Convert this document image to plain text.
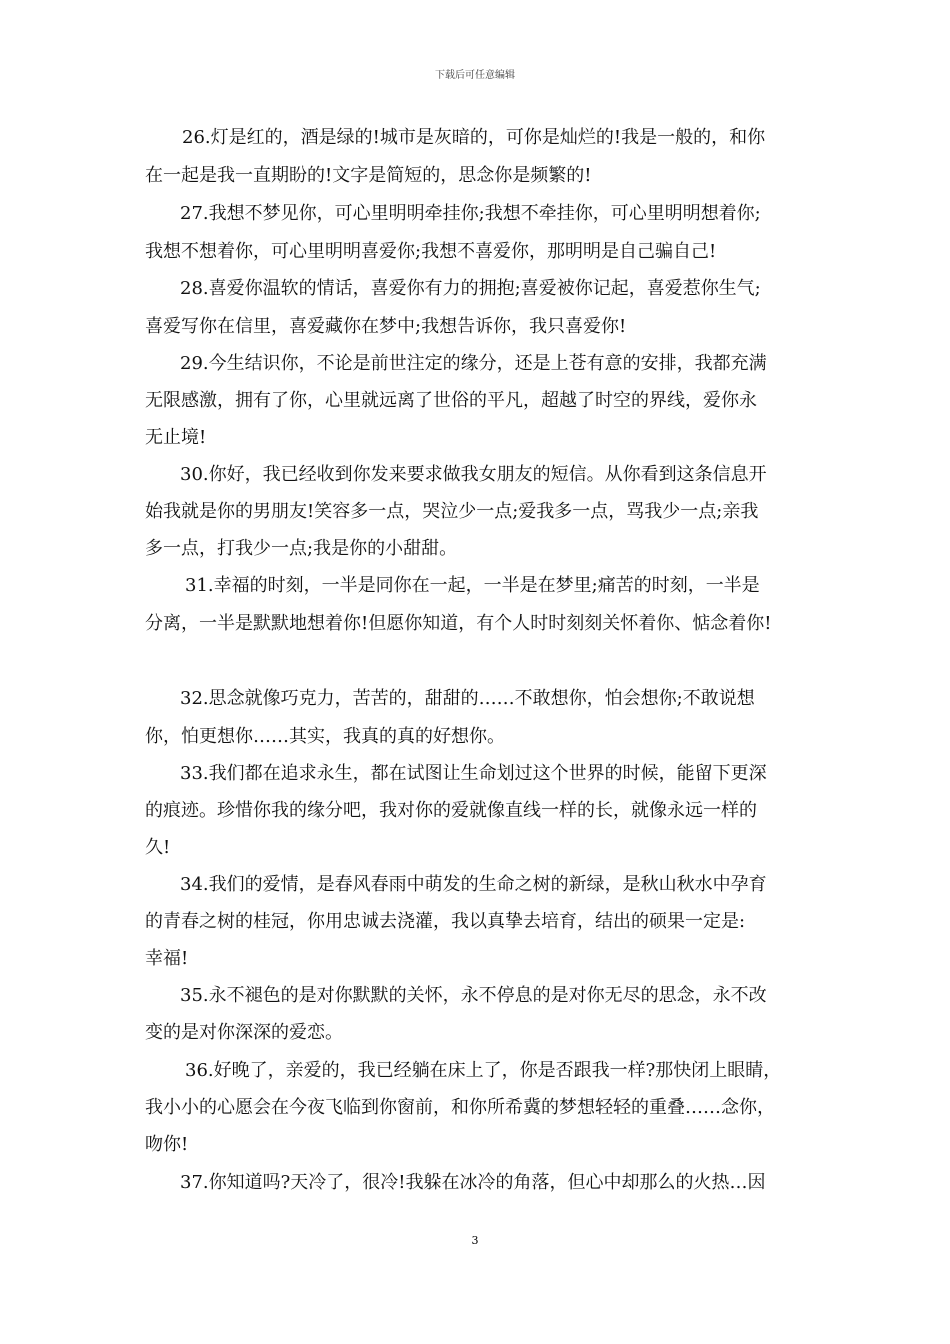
下载后可任意编辑
26.灯是红的，酒是绿的!城市是灰暗的，可你是灿烂的!我是一般的，和你
在一起是我一直期盼的!文字是简短的，思念你是频繁的!
27.我想不梦见你，可心里明明牵挂你;我想不牵挂你，可心里明明想着你;
我想不想着你，可心里明明喜爱你;我想不喜爱你，那明明是自己骗自己!
28.喜爱你温软的情话，喜爱你有力的拥抱;喜爱被你记起，喜爱惹你生气;
喜爱写你在信里，喜爱藏你在梦中;我想告诉你，我只喜爱你!
29.今生结识你，不论是前世注定的缘分，还是上苍有意的安排，我都充满
无限感激，拥有了你，心里就远离了世俗的平凡，超越了时空的界线，爱你永
无止境!
30.你好，我已经收到你发来要求做我女朋友的短信。从你看到这条信息开
始我就是你的男朋友!笑容多一点，哭泣少一点;爱我多一点，骂我少一点;亲我
多一点，打我少一点;我是你的小甜甜。
31.幸福的时刻，一半是同你在一起，一半是在梦里;痛苦的时刻，一半是
分离，一半是默默地想着你!但愿你知道，有个人时时刻刻关怀着你、惦念着你!
32.思念就像巧克力，苦苦的，甜甜的……不敢想你，怕会想你;不敢说想
你，怕更想你……其实，我真的真的好想你。
33.我们都在追求永生，都在试图让生命划过这个世界的时候，能留下更深
的痕迹。珍惜你我的缘分吧，我对你的爱就像直线一样的长，就像永远一样的
久!
34.我们的爱情，是春风春雨中萌发的生命之树的新绿，是秋山秋水中孕育
的青春之树的桂冠，你用忠诚去浇灌，我以真挚去培育，结出的硕果一定是:
幸福!
35.永不褪色的是对你默默的关怀，永不停息的是对你无尽的思念，永不改
变的是对你深深的爱恋。
36.好晚了，亲爱的，我已经躺在床上了，你是否跟我一样?那快闭上眼睛，
我小小的心愿会在今夜飞临到你窗前，和你所希冀的梦想轻轻的重叠……念你，
吻你!
37.你知道吗?天冷了，很冷!我躲在冰冷的角落，但心中却那么的火热…因
3
